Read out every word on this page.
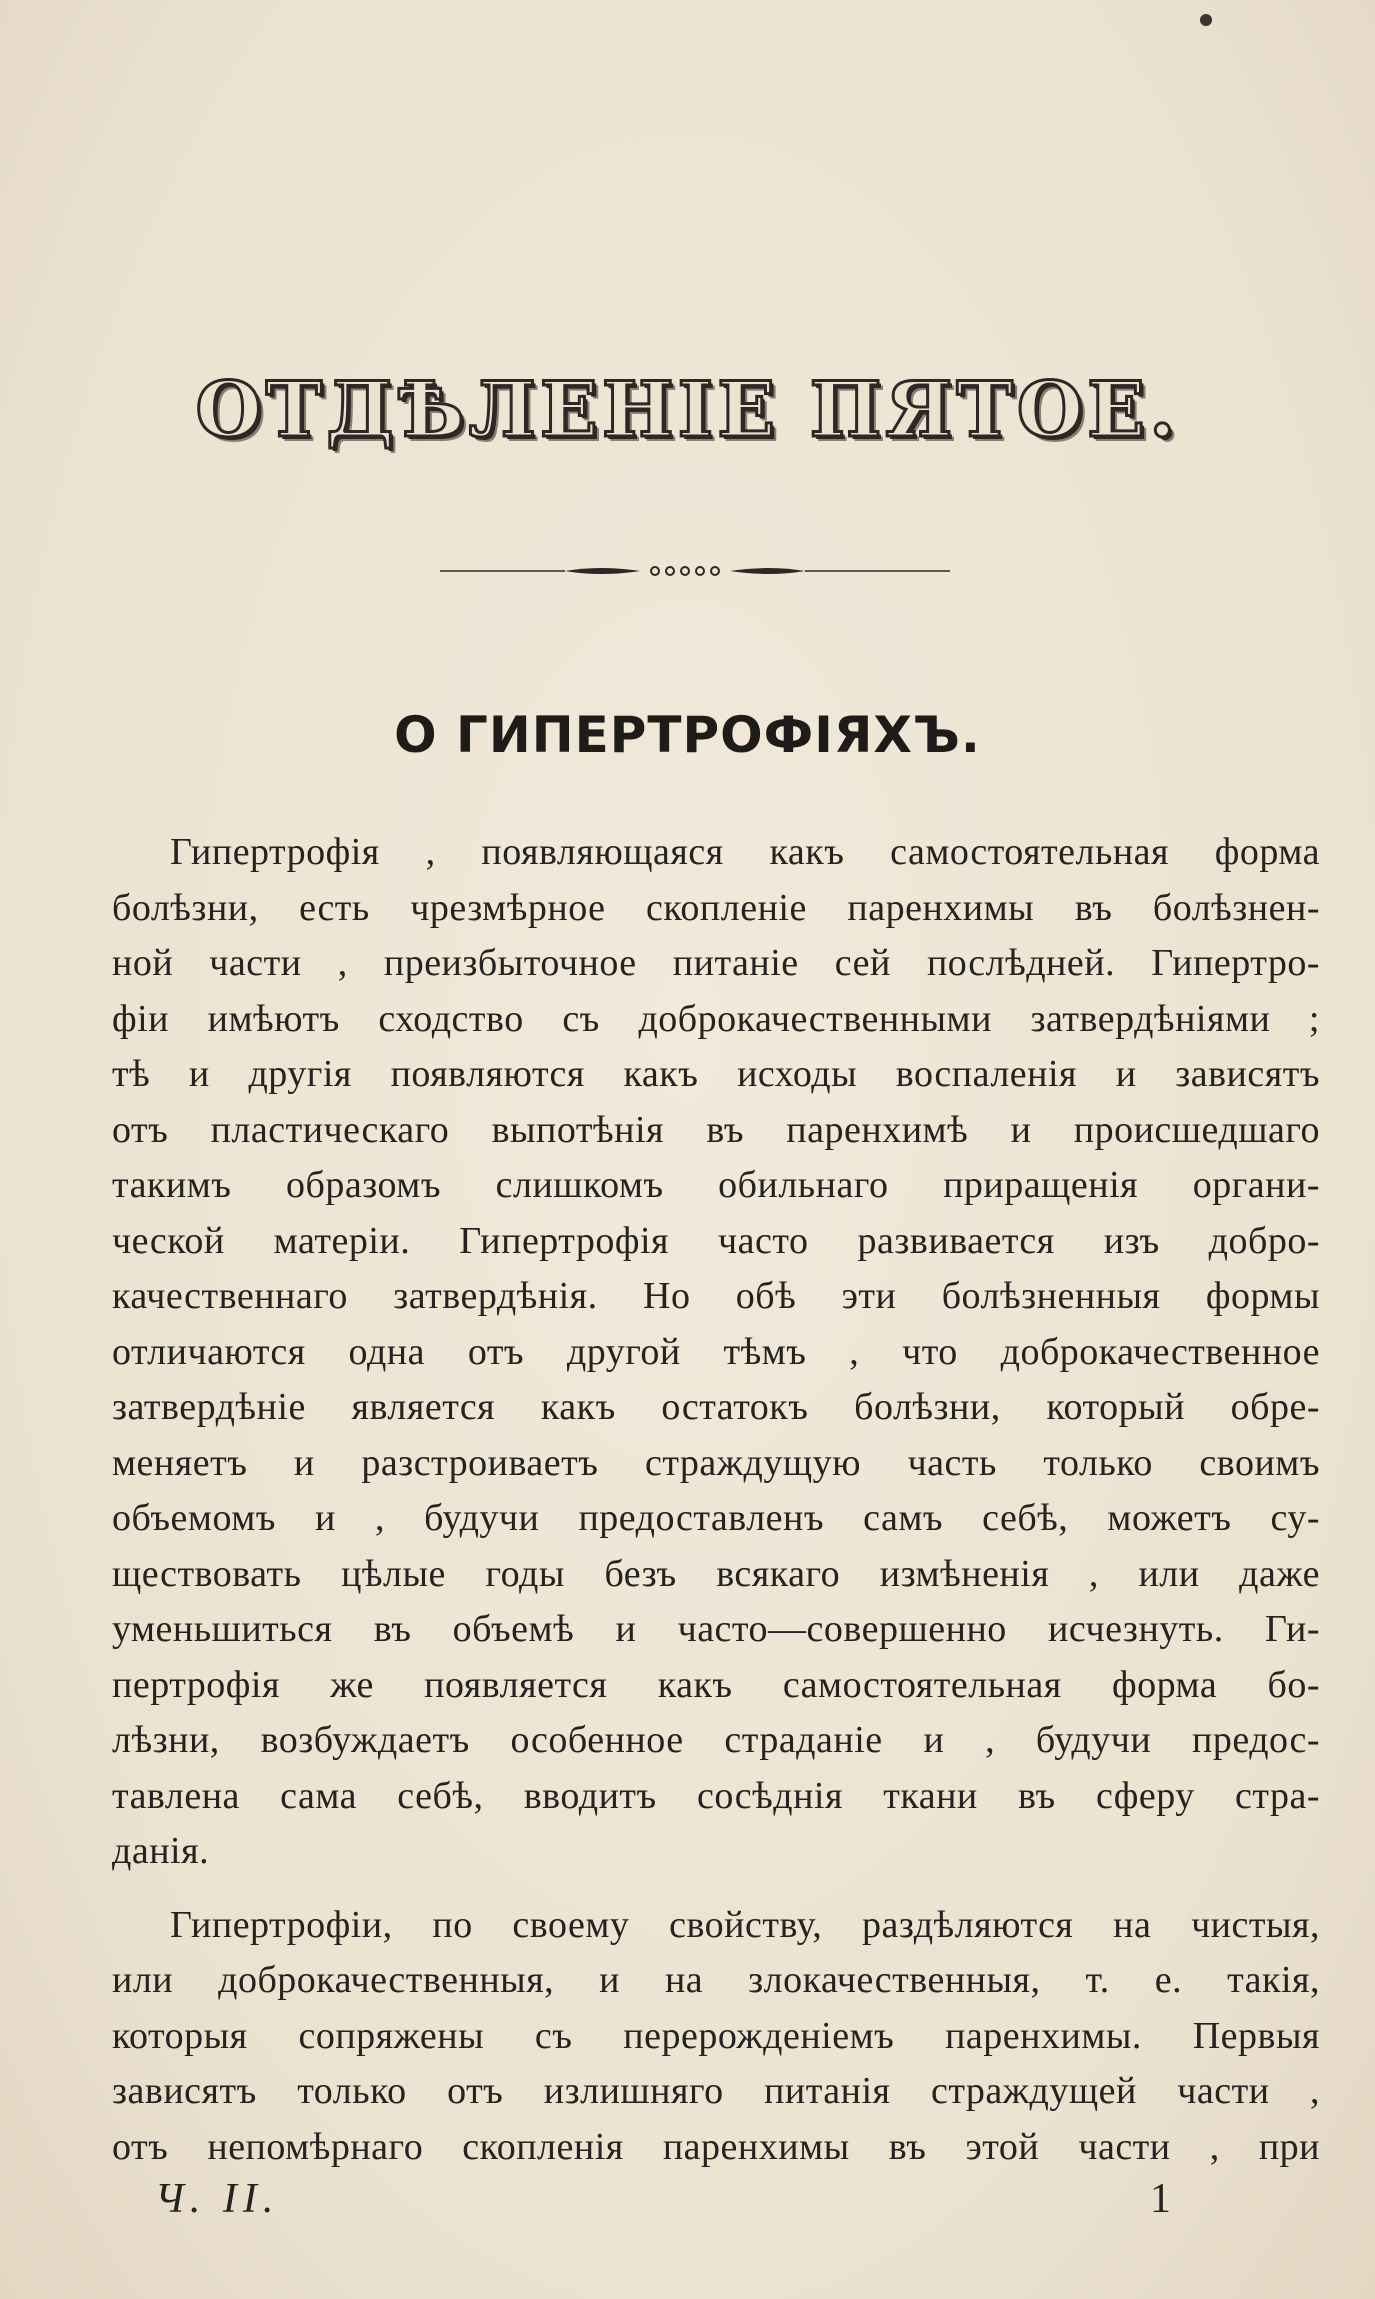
ОТДѢЛЕНІЕ ПЯТОЕ.
О ГИПЕРТРОФІЯХЪ.
Гипертрофія , появляющаяся какъ самостоятельная форма
болѣзни, есть чрезмѣрное скопленіе паренхимы въ болѣзнен-
ной части , преизбыточное питаніе сей послѣдней. Гипертро-
фіи имѣютъ сходство съ доброкачественными затвердѣніями ;
тѣ и другія появляются какъ исходы воспаленія и зависятъ
отъ пластическаго выпотѣнія въ паренхимѣ и происшедшаго
такимъ образомъ слишкомъ обильнаго приращенія органи-
ческой матеріи. Гипертрофія часто развивается изъ добро-
качественнаго затвердѣнія. Но обѣ эти болѣзненныя формы
отличаются одна отъ другой тѣмъ , что доброкачественное
затвердѣніе является какъ остатокъ болѣзни, который обре-
меняетъ и разстроиваетъ страждущую часть только своимъ
объемомъ и , будучи предоставленъ самъ себѣ, можетъ су-
ществовать цѣлые годы безъ всякаго измѣненія , или даже
уменьшиться въ объемѣ и часто—совершенно исчезнуть. Ги-
пертрофія же появляется какъ самостоятельная форма бо-
лѣзни, возбуждаетъ особенное страданіе и , будучи предос-
тавлена сама себѣ, вводитъ сосѣднія ткани въ сферу стра-
данія.
Гипертрофіи, по своему свойству, раздѣляются на чистыя,
или доброкачественныя, и на злокачественныя, т. е. такія,
которыя сопряжены съ перерожденіемъ паренхимы. Первыя
зависятъ только отъ излишняго питанія страждущей части ,
отъ непомѣрнаго скопленія паренхимы въ этой части , при
Ч. II.	1
